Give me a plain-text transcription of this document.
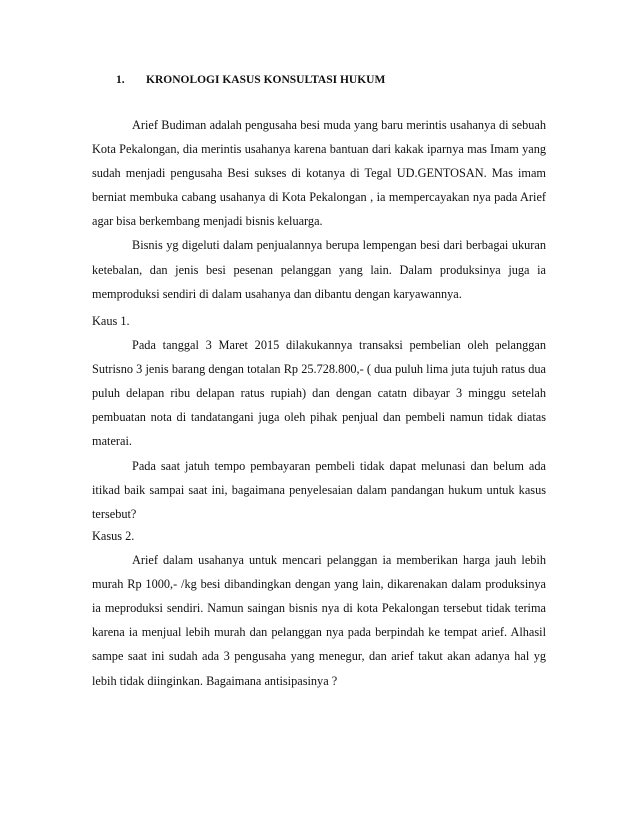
1. KRONOLOGI KASUS KONSULTASI HUKUM

Arief Budiman adalah pengusaha besi muda yang baru merintis usahanya di sebuah Kota Pekalongan, dia merintis usahanya karena bantuan dari kakak iparnya mas Imam yang sudah menjadi pengusaha Besi sukses di kotanya di Tegal UD.GENTOSAN. Mas imam berniat membuka cabang usahanya di Kota Pekalongan , ia mempercayakan nya pada Arief agar bisa berkembang menjadi bisnis keluarga.

Bisnis yg digeluti dalam penjualannya berupa lempengan besi dari berbagai ukuran ketebalan, dan jenis besi pesenan pelanggan yang lain. Dalam produksinya juga ia memproduksi sendiri di dalam usahanya dan dibantu dengan karyawannya.

Kaus 1.

Pada tanggal 3 Maret 2015 dilakukannya transaksi pembelian oleh pelanggan Sutrisno 3 jenis barang dengan totalan Rp 25.728.800,- ( dua puluh lima juta tujuh ratus dua puluh delapan ribu delapan ratus rupiah) dan dengan catatn dibayar 3 minggu setelah pembuatan nota di tandatangani juga oleh pihak penjual dan pembeli namun tidak diatas materai.

Pada saat jatuh tempo pembayaran pembeli tidak dapat melunasi dan belum ada itikad baik sampai saat ini, bagaimana penyelesaian dalam pandangan hukum untuk kasus tersebut?

Kasus 2.

Arief dalam usahanya untuk mencari pelanggan ia memberikan harga jauh lebih murah Rp 1000,- /kg besi dibandingkan dengan yang lain, dikarenakan dalam produksinya ia meproduksi sendiri. Namun saingan bisnis nya di kota Pekalongan tersebut tidak terima karena ia menjual lebih murah dan pelanggan nya pada berpindah ke tempat arief. Alhasil sampe saat ini sudah ada 3 pengusaha yang menegur, dan arief takut akan adanya hal yg lebih tidak diinginkan. Bagaimana antisipasinya ?
